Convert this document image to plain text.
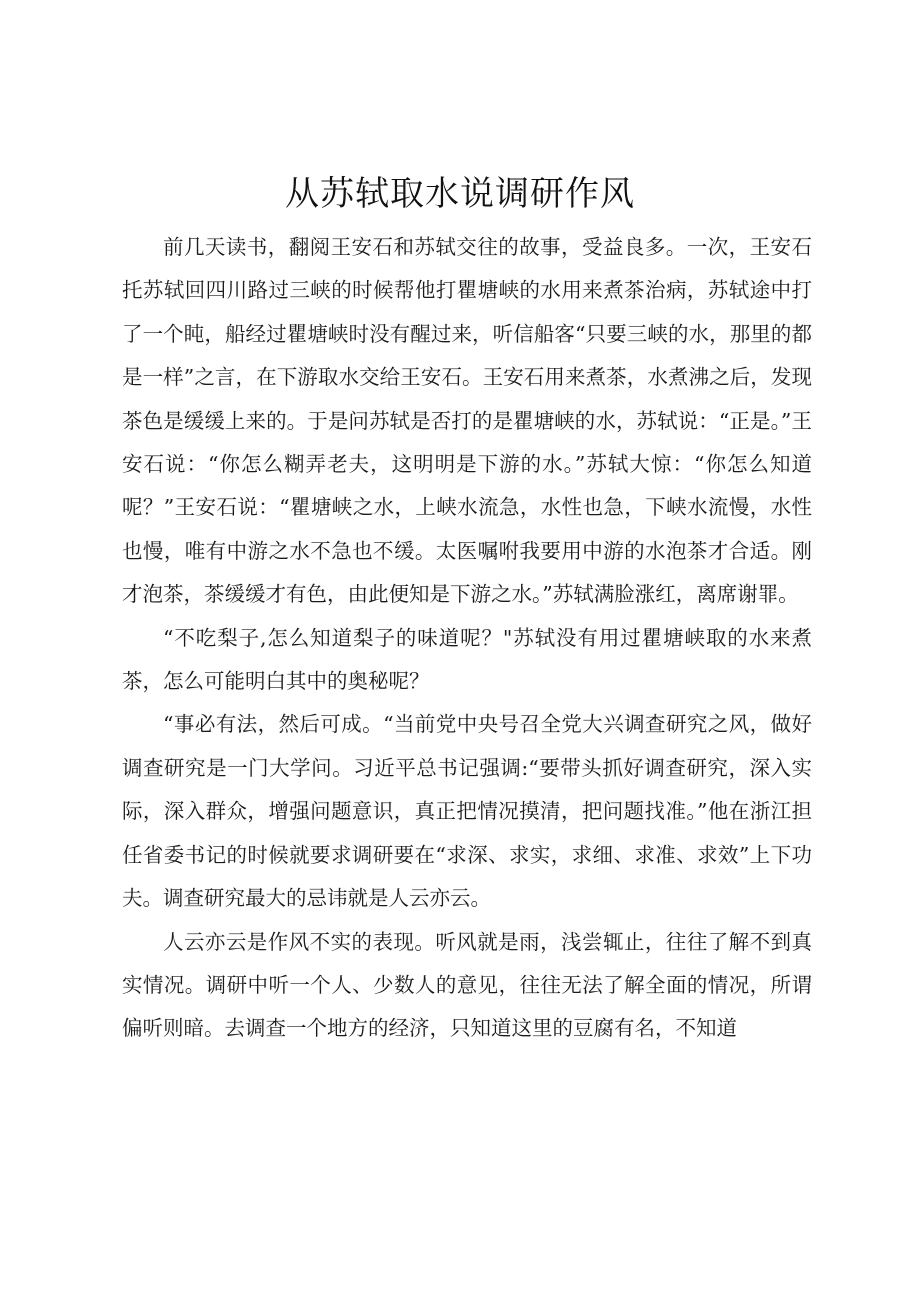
从苏轼取水说调研作风

前几天读书，翻阅王安石和苏轼交往的故事，受益良多。一次，王安石托苏轼回四川路过三峡的时候帮他打瞿塘峡的水用来煮茶治病，苏轼途中打了一个盹，船经过瞿塘峡时没有醒过来，听信船客“只要三峡的水，那里的都是一样”之言，在下游取水交给王安石。王安石用来煮茶，水煮沸之后，发现茶色是缓缓上来的。于是问苏轼是否打的是瞿塘峡的水，苏轼说：“正是。”王安石说：“你怎么糊弄老夫，这明明是下游的水。”苏轼大惊：“你怎么知道呢？”王安石说：“瞿塘峡之水，上峡水流急，水性也急，下峡水流慢，水性也慢，唯有中游之水不急也不缓。太医嘱咐我要用中游的水泡茶才合适。刚才泡茶，茶缓缓才有色，由此便知是下游之水。”苏轼满脸涨红，离席谢罪。

“不吃梨子,怎么知道梨子的味道呢？"苏轼没有用过瞿塘峡取的水来煮茶，怎么可能明白其中的奥秘呢？

“事必有法，然后可成。“当前党中央号召全党大兴调查研究之风，做好调查研究是一门大学问。习近平总书记强调:“要带头抓好调查研究，深入实际，深入群众，增强问题意识，真正把情况摸清，把问题找准。”他在浙江担任省委书记的时候就要求调研要在“求深、求实，求细、求准、求效”上下功夫。调查研究最大的忌讳就是人云亦云。

人云亦云是作风不实的表现。听风就是雨，浅尝辄止，往往了解不到真实情况。调研中听一个人、少数人的意见，往往无法了解全面的情况，所谓偏听则暗。去调查一个地方的经济，只知道这里的豆腐有名，不知道
